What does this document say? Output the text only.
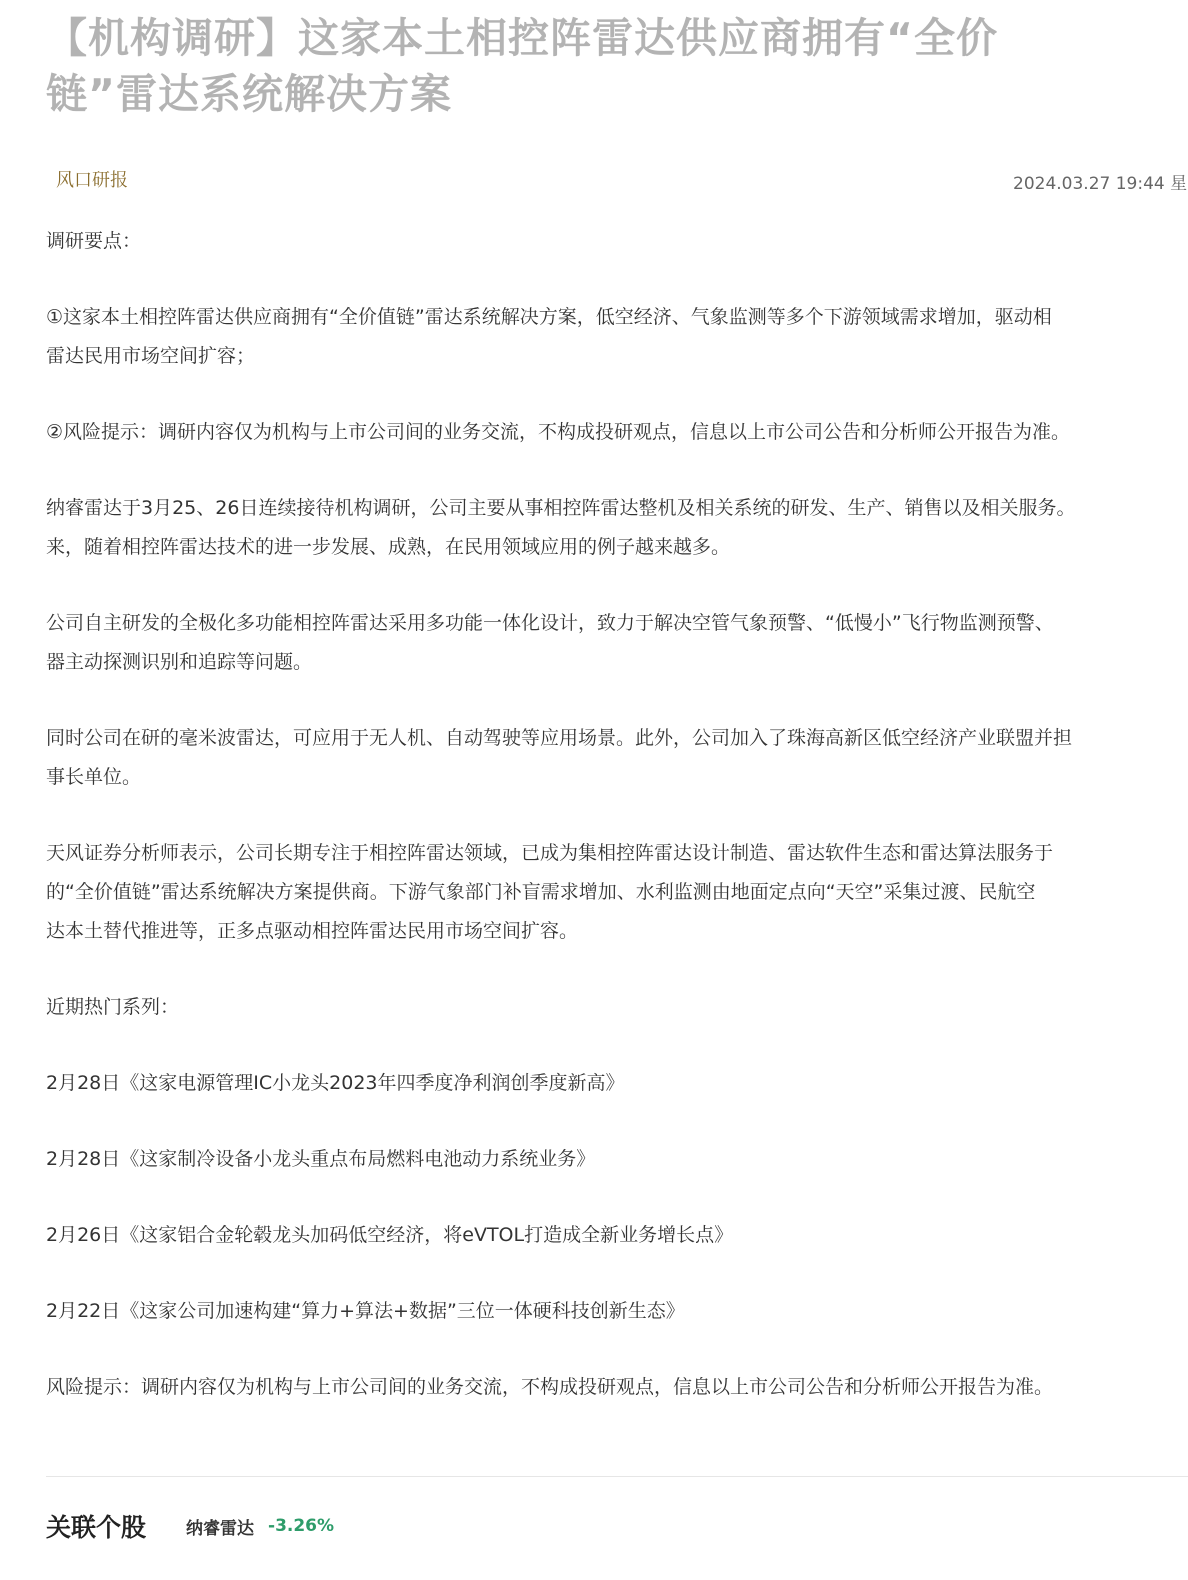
【机构调研】这家本土相控阵雷达供应商拥有“全价
链”雷达系统解决方案
风口研报	2024.03.27 19:44 星

调研要点：

①这家本土相控阵雷达供应商拥有“全价值链”雷达系统解决方案，低空经济、气象监测等多个下游领域需求增加，驱动相
雷达民用市场空间扩容；

②风险提示：调研内容仅为机构与上市公司间的业务交流，不构成投研观点，信息以上市公司公告和分析师公开报告为准。

纳睿雷达于3月25、26日连续接待机构调研，公司主要从事相控阵雷达整机及相关系统的研发、生产、销售以及相关服务。
来，随着相控阵雷达技术的进一步发展、成熟，在民用领域应用的例子越来越多。

公司自主研发的全极化多功能相控阵雷达采用多功能一体化设计，致力于解决空管气象预警、“低慢小”飞行物监测预警、
器主动探测识别和追踪等问题。

同时公司在研的毫米波雷达，可应用于无人机、自动驾驶等应用场景。此外，公司加入了珠海高新区低空经济产业联盟并担
事长单位。

天风证券分析师表示，公司长期专注于相控阵雷达领域，已成为集相控阵雷达设计制造、雷达软件生态和雷达算法服务于
的“全价值链”雷达系统解决方案提供商。下游气象部门补盲需求增加、水利监测由地面定点向“天空”采集过渡、民航空
达本土替代推进等，正多点驱动相控阵雷达民用市场空间扩容。

近期热门系列：

2月28日《这家电源管理IC小龙头2023年四季度净利润创季度新高》

2月28日《这家制冷设备小龙头重点布局燃料电池动力系统业务》

2月26日《这家铝合金轮毂龙头加码低空经济，将eVTOL打造成全新业务增长点》

2月22日《这家公司加速构建“算力+算法+数据”三位一体硬科技创新生态》

风险提示：调研内容仅为机构与上市公司间的业务交流，不构成投研观点，信息以上市公司公告和分析师公开报告为准。

关联个股 纳睿雷达 -3.26%
